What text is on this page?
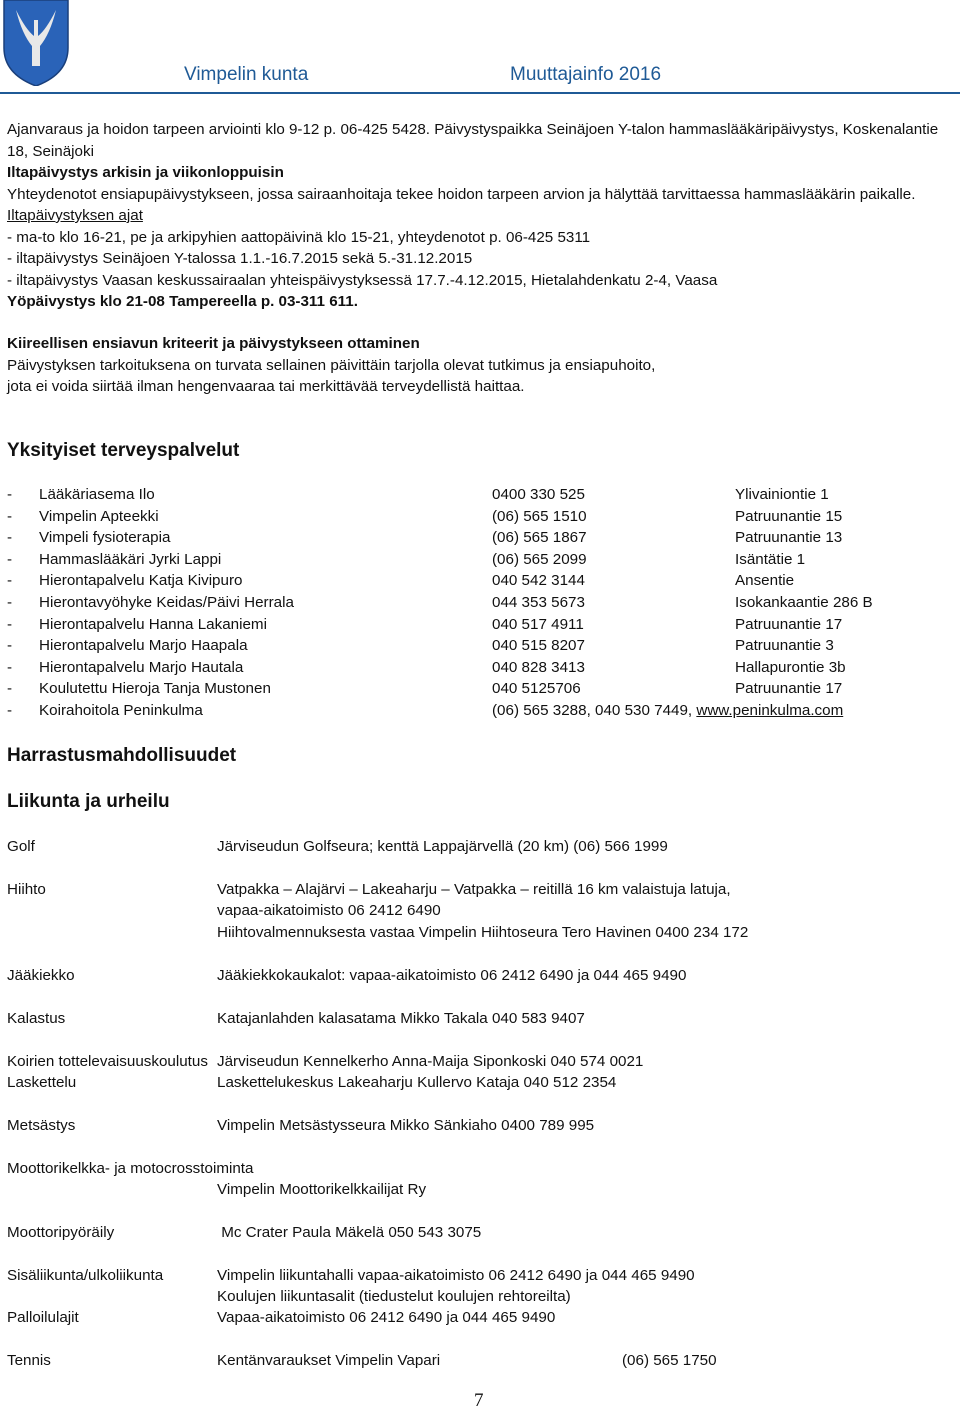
Vimpelin kunta	Muuttajainfo 2016

Ajanvaraus ja hoidon tarpeen arviointi klo 9-12 p. 06-425 5428. Päivystyspaikka Seinäjoen Y-talon hammaslääkäripäivystys, Koskenalantie

18, Seinäjoki

Iltapäivystys arkisin ja viikonloppuisin

Yhteydenotot ensiapupäivystykseen, jossa sairaanhoitaja tekee hoidon tarpeen arvion ja hälyttää tarvittaessa hammaslääkärin paikalle.

Iltapäivystyksen ajat

- ma-to klo 16-21, pe ja arkipyhien aattopäivinä klo 15-21, yhteydenotot p. 06-425 5311

- iltapäivystys Seinäjoen Y-talossa 1.1.-16.7.2015 sekä 5.-31.12.2015

- iltapäivystys Vaasan keskussairaalan yhteispäivystyksessä 17.7.-4.12.2015, Hietalahdenkatu 2-4, Vaasa

Yöpäivystys klo 21-08 Tampereella p. 03-311 611.

Kiireellisen ensiavun kriteerit ja päivystykseen ottaminen

Päivystyksen tarkoituksena on turvata sellainen päivittäin tarjolla olevat tutkimus ja ensiapuhoito,

jota ei voida siirtää ilman hengenvaaraa tai merkittävää terveydellistä haittaa.

Yksityiset terveyspalvelut
- Lääkäriasema Ilo	0400 330 525	Ylivainiontie 1
- Vimpelin Apteekki	(06) 565 1510	Patruunantie 15
- Vimpeli fysioterapia	(06) 565 1867	Patruunantie 13
- Hammaslääkäri Jyrki Lappi	(06) 565 2099	Isäntätie 1
- Hierontapalvelu Katja Kivipuro	040 542 3144	Ansentie
- Hierontavyöhyke Keidas/Päivi Herrala	044 353 5673	Isokankaantie 286 B
- Hierontapalvelu Hanna Lakaniemi	040 517 4911	Patruunantie 17
- Hierontapalvelu Marjo Haapala	040 515 8207	Patruunantie 3
- Hierontapalvelu Marjo Hautala	040 828 3413	Hallapurontie 3b
- Koulutettu Hieroja Tanja Mustonen	040 5125706	Patruunantie 17
- Koirahoitola Peninkulma	(06) 565 3288, 040 530 7449, www.peninkulma.com
Harrastusmahdollisuudet
Liikunta ja urheilu
Golf	Järviseudun Golfseura; kenttä Lappajärvellä (20 km) (06) 566 1999
Hiihto	Vatpakka – Alajärvi – Lakeaharju – Vatpakka – reitillä 16 km valaistuja latuja,
vapaa-aikatoimisto 06 2412 6490
Hiihtovalmennuksesta vastaa Vimpelin Hiihtoseura Tero Havinen 0400 234 172
Jääkiekko	Jääkiekkokaukalot: vapaa-aikatoimisto 06 2412 6490 ja 044 465 9490
Kalastus	Katajanlahden kalasatama Mikko Takala 040 583 9407
Koirien tottelevaisuuskoulutus Järviseudun Kennelkerho Anna-Maija Siponkoski 040 574 0021
Laskettelu	Laskettelukeskus Lakeaharju Kullervo Kataja 040 512 2354
Metsästys	Vimpelin Metsästysseura Mikko Sänkiaho 0400 789 995
Moottorikelkka- ja motocrosstoiminta
Vimpelin Moottorikelkkailijat Ry
Moottoripyöräily	Mc Crater Paula Mäkelä 050 543 3075
Sisäliikunta/ulkoliikunta	Vimpelin liikuntahalli vapaa-aikatoimisto 06 2412 6490 ja 044 465 9490
Koulujen liikuntasalit (tiedustelut koulujen rehtoreilta)
Palloilulajit	Vapaa-aikatoimisto 06 2412 6490 ja 044 465 9490
Tennis	Kentänvaraukset Vimpelin Vapari	(06) 565 1750
7
